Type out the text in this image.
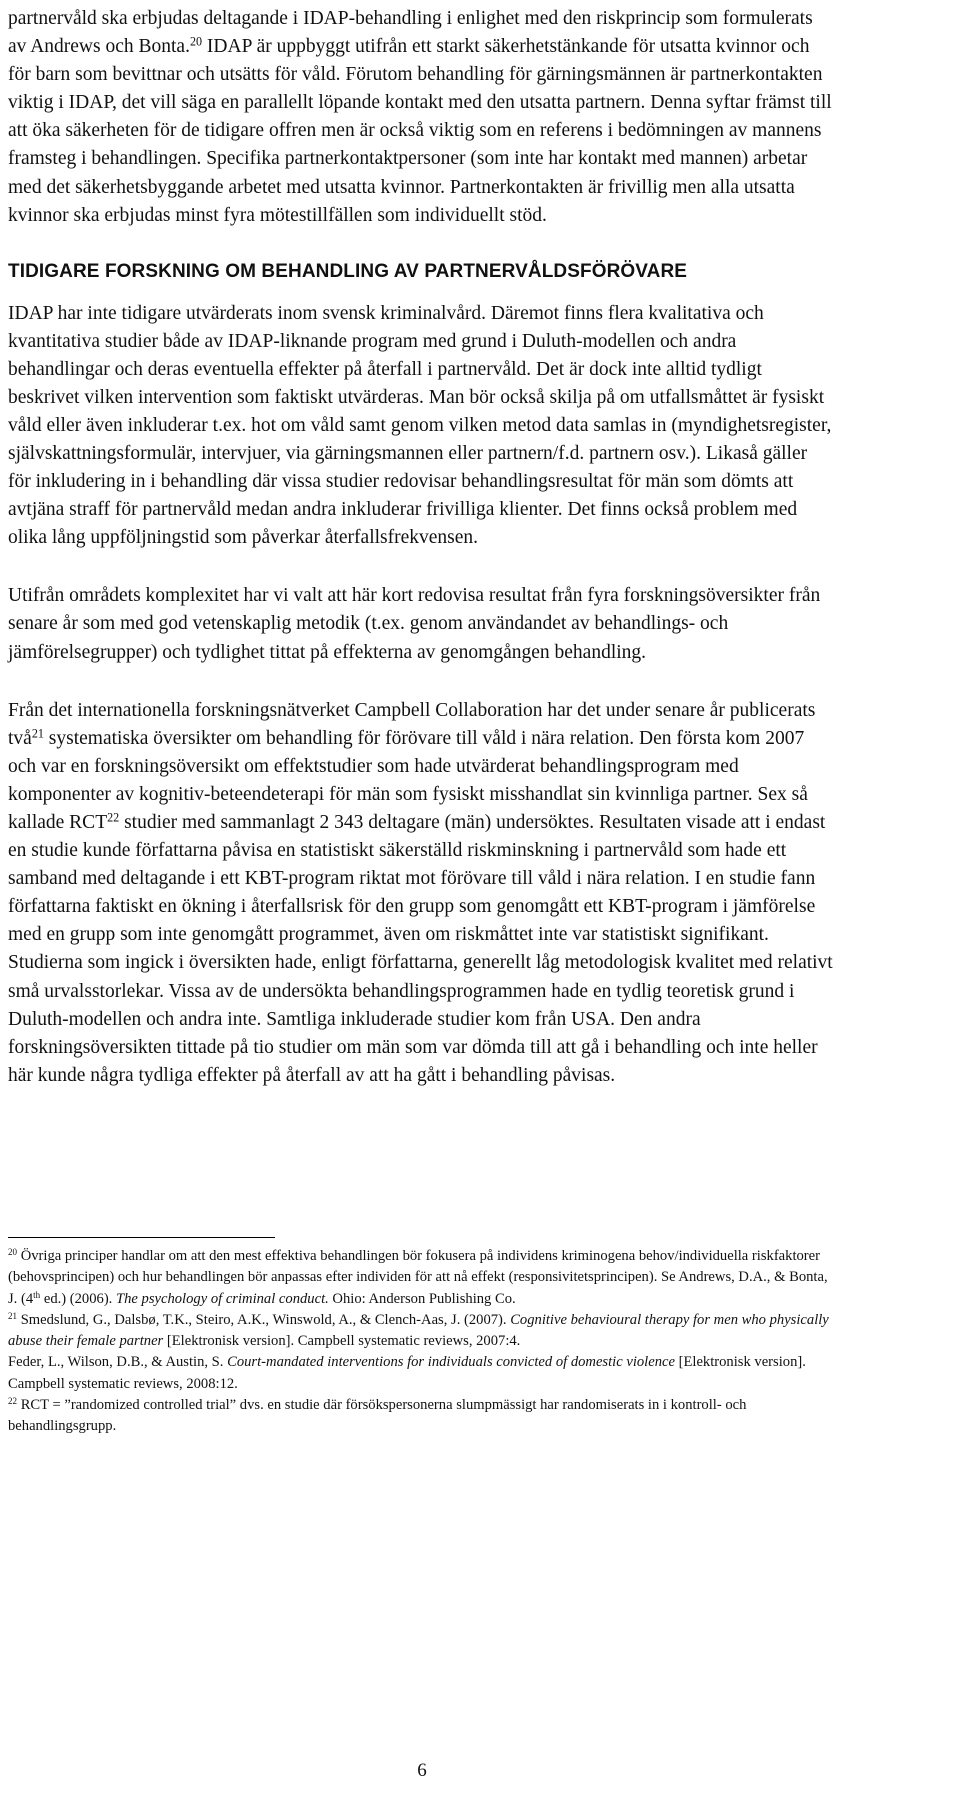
partnervåld ska erbjudas deltagande i IDAP-behandling i enlighet med den riskprincip som formulerats av Andrews och Bonta.$^{20}$ IDAP är uppbyggt utifrån ett starkt säkerhetstänkande för utsatta kvinnor och för barn som bevittnar och utsätts för våld. Förutom behandling för gärningsmännen är partnerkontakten viktig i IDAP, det vill säga en parallellt löpande kontakt med den utsatta partnern. Denna syftar främst till att öka säkerheten för de tidigare offren men är också viktig som en referens i bedömningen av mannens framsteg i behandlingen. Specifika partnerkontaktpersoner (som inte har kontakt med mannen) arbetar med det säkerhetsbyggande arbetet med utsatta kvinnor. Partnerkontakten är frivillig men alla utsatta kvinnor ska erbjudas minst fyra mötestillfällen som individuellt stöd.

TIDIGARE FORSKNING OM BEHANDLING AV PARTNERVÅLDSFÖRÖVARE

IDAP har inte tidigare utvärderats inom svensk kriminalvård. Däremot finns flera kvalitativa och kvantitativa studier både av IDAP-liknande program med grund i Duluth-modellen och andra behandlingar och deras eventuella effekter på återfall i partnervåld. Det är dock inte alltid tydligt beskrivet vilken intervention som faktiskt utvärderas. Man bör också skilja på om utfallsmåttet är fysiskt våld eller även inkluderar t.ex. hot om våld samt genom vilken metod data samlas in (myndighetsregister, självskattningsformulär, intervjuer, via gärningsmannen eller partnern/f.d. partnern osv.). Likaså gäller för inkludering in i behandling där vissa studier redovisar behandlingsresultat för män som dömts att avtjäna straff för partnervåld medan andra inkluderar frivilliga klienter. Det finns också problem med olika lång uppföljningstid som påverkar återfallsfrekvensen.

Utifrån områdets komplexitet har vi valt att här kort redovisa resultat från fyra forskningsöversikter från senare år som med god vetenskaplig metodik (t.ex. genom användandet av behandlings- och jämförelsegrupper) och tydlighet tittat på effekterna av genomgången behandling.

Från det internationella forskningsnätverket Campbell Collaboration har det under senare år publicerats två$^{21}$ systematiska översikter om behandling för förövare till våld i nära relation. Den första kom 2007 och var en forskningsöversikt om effektstudier som hade utvärderat behandlingsprogram med komponenter av kognitiv-beteendeterapi för män som fysiskt misshandlat sin kvinnliga partner. Sex så kallade RCT$^{22}$ studier med sammanlagt 2 343 deltagare (män) undersöktes. Resultaten visade att i endast en studie kunde författarna påvisa en statistiskt säkerställd riskminskning i partnervåld som hade ett samband med deltagande i ett KBT-program riktat mot förövare till våld i nära relation. I en studie fann författarna faktiskt en ökning i återfallsrisk för den grupp som genomgått ett KBT-program i jämförelse med en grupp som inte genomgått programmet, även om riskmåttet inte var statistiskt signifikant. Studierna som ingick i översikten hade, enligt författarna, generellt låg metodologisk kvalitet med relativt små urvalsstorlekar. Vissa av de undersökta behandlingsprogrammen hade en tydlig teoretisk grund i Duluth-modellen och andra inte. Samtliga inkluderade studier kom från USA. Den andra forskningsöversikten tittade på tio studier om män som var dömda till att gå i behandling och inte heller här kunde några tydliga effekter på återfall av att ha gått i behandling påvisas.

$^{20}$ Övriga principer handlar om att den mest effektiva behandlingen bör fokusera på individens kriminogena behov/individuella riskfaktorer (behovsprincipen) och hur behandlingen bör anpassas efter individen för att nå effekt (responsivitetsprincipen). Se Andrews, D.A., & Bonta, J. (4th ed.) (2006). The psychology of criminal conduct. Ohio: Anderson Publishing Co.

$^{21}$ Smedslund, G., Dalsbø, T.K., Steiro, A.K., Winswold, A., & Clench-Aas, J. (2007). Cognitive behavioural therapy for men who physically abuse their female partner [Elektronisk version]. Campbell systematic reviews, 2007:4.

Feder, L., Wilson, D.B., & Austin, S. Court-mandated interventions for individuals convicted of domestic violence [Elektronisk version]. Campbell systematic reviews, 2008:12.

$^{22}$ RCT = ”randomized controlled trial” dvs. en studie där försökspersonerna slumpmässigt har randomiserats in i kontroll- och behandlingsgrupp.

6
